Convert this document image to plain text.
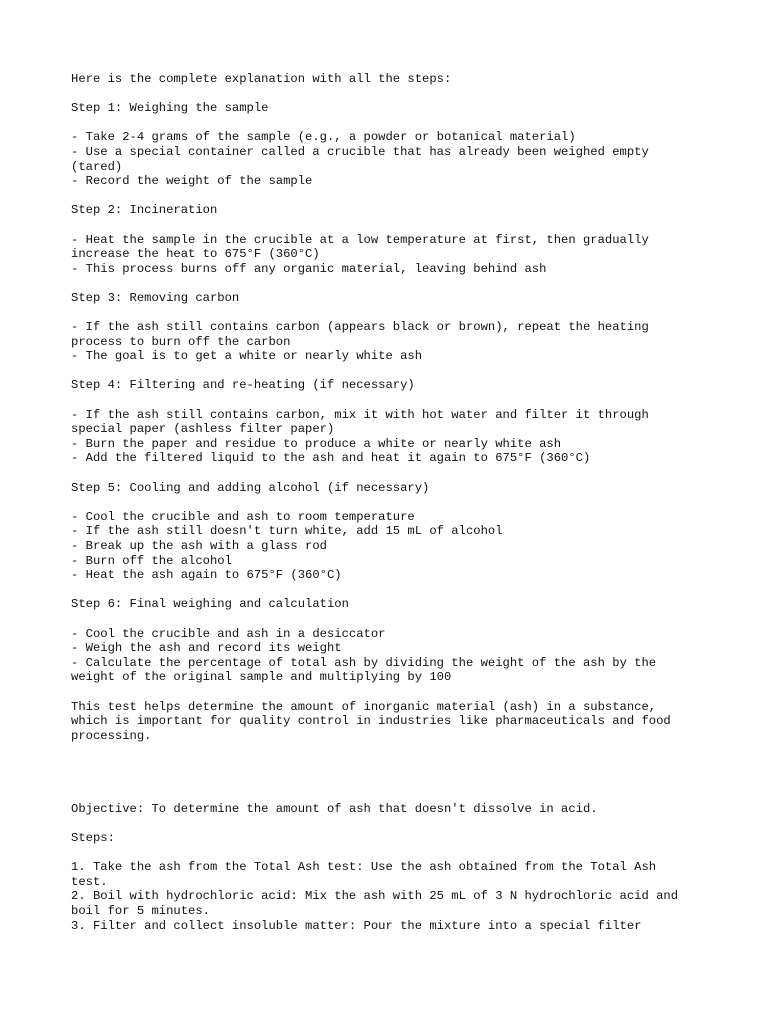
Here is the complete explanation with all the steps:

Step 1: Weighing the sample

- Take 2-4 grams of the sample (e.g., a powder or botanical material)
- Use a special container called a crucible that has already been weighed empty
(tared)
- Record the weight of the sample

Step 2: Incineration

- Heat the sample in the crucible at a low temperature at first, then gradually
increase the heat to 675°F (360°C)
- This process burns off any organic material, leaving behind ash

Step 3: Removing carbon

- If the ash still contains carbon (appears black or brown), repeat the heating
process to burn off the carbon
- The goal is to get a white or nearly white ash

Step 4: Filtering and re-heating (if necessary)

- If the ash still contains carbon, mix it with hot water and filter it through
special paper (ashless filter paper)
- Burn the paper and residue to produce a white or nearly white ash
- Add the filtered liquid to the ash and heat it again to 675°F (360°C)

Step 5: Cooling and adding alcohol (if necessary)

- Cool the crucible and ash to room temperature
- If the ash still doesn't turn white, add 15 mL of alcohol
- Break up the ash with a glass rod
- Burn off the alcohol
- Heat the ash again to 675°F (360°C)

Step 6: Final weighing and calculation

- Cool the crucible and ash in a desiccator
- Weigh the ash and record its weight
- Calculate the percentage of total ash by dividing the weight of the ash by the
weight of the original sample and multiplying by 100

This test helps determine the amount of inorganic material (ash) in a substance,
which is important for quality control in industries like pharmaceuticals and food
processing.

Objective: To determine the amount of ash that doesn't dissolve in acid.

Steps:

1. Take the ash from the Total Ash test: Use the ash obtained from the Total Ash
test.
2. Boil with hydrochloric acid: Mix the ash with 25 mL of 3 N hydrochloric acid and
boil for 5 minutes.
3. Filter and collect insoluble matter: Pour the mixture into a special filter
